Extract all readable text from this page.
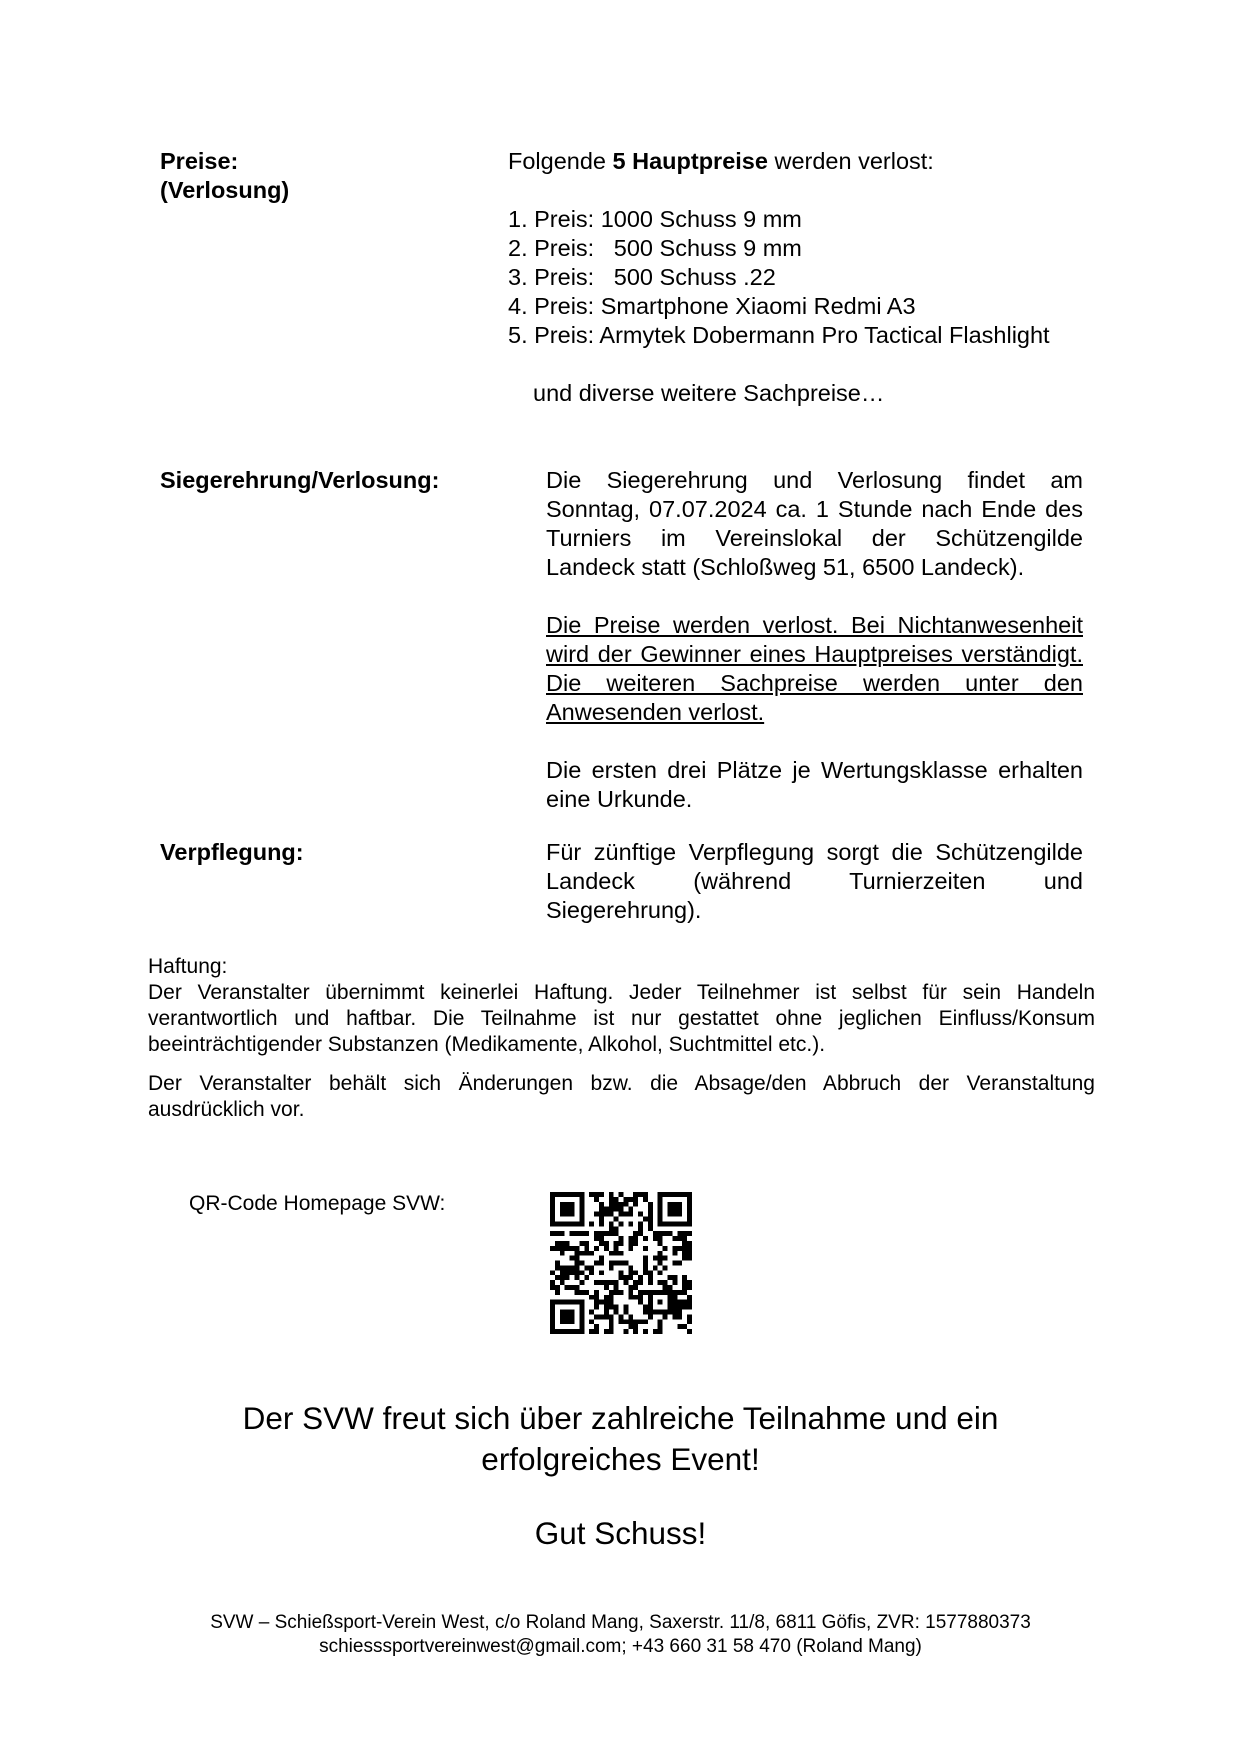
Preise:
(Verlosung)
Folgende 5 Hauptpreise werden verlost:
1. Preis: 1000 Schuss 9 mm
2. Preis:   500 Schuss 9 mm
3. Preis:   500 Schuss .22
4. Preis: Smartphone Xiaomi Redmi A3
5. Preis: Armytek Dobermann Pro Tactical Flashlight
und diverse weitere Sachpreise…
Siegerehrung/Verlosung:	Die Siegerehrung und Verlosung findet am Sonntag, 07.07.2024 ca. 1 Stunde nach Ende des Turniers im Vereinslokal der Schützengilde Landeck statt (Schloßweg 51, 6500 Landeck).

Die Preise werden verlost. Bei Nichtanwesenheit wird der Gewinner eines Hauptpreises verständigt. Die weiteren Sachpreise werden unter den Anwesenden verlost.

Die ersten drei Plätze je Wertungsklasse erhalten eine Urkunde.

Verpflegung:	Für zünftige Verpflegung sorgt die Schützengilde Landeck (während Turnierzeiten und Siegerehrung).
Haftung:

Der Veranstalter übernimmt keinerlei Haftung. Jeder Teilnehmer ist selbst für sein Handeln verantwortlich und haftbar. Die Teilnahme ist nur gestattet ohne jeglichen Einfluss/Konsum beeinträchtigender Substanzen (Medikamente, Alkohol, Suchtmittel etc.).

Der Veranstalter behält sich Änderungen bzw. die Absage/den Abbruch der Veranstaltung ausdrücklich vor.

QR-Code Homepage SVW:
Der SVW freut sich über zahlreiche Teilnahme und ein
erfolgreiches Event!
Gut Schuss!
SVW – Schießsport-Verein West, c/o Roland Mang, Saxerstr. 11/8, 6811 Göfis, ZVR: 1577880373
schiesssportvereinwest@gmail.com; +43 660 31 58 470 (Roland Mang)
